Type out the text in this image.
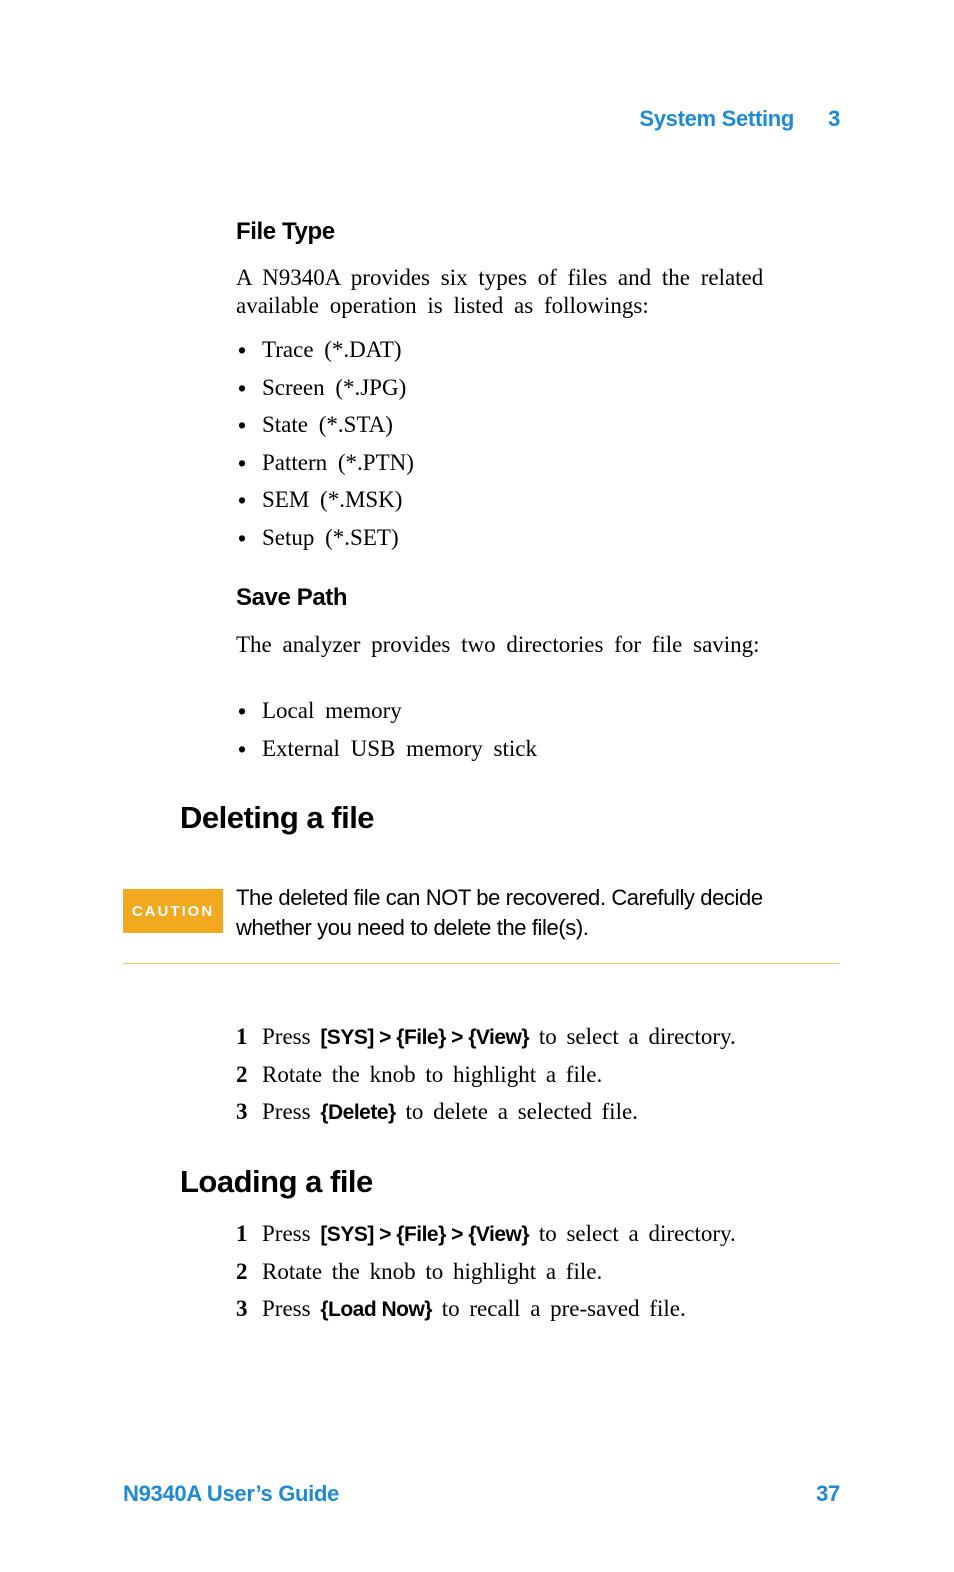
System Setting 3
File Type

A N9340A provides six types of files and the related available operation is listed as followings:

• Trace (*.DAT)
• Screen (*.JPG)
• State (*.STA)
• Pattern (*.PTN)
• SEM (*.MSK)
• Setup (*.SET)
Save Path

The analyzer provides two directories for file saving:

• Local memory
• External USB memory stick
Deleting a file
CAUTION

The deleted file can NOT be recovered. Carefully decide whether you need to delete the file(s).

1 Press [SYS] > {File} > {View} to select a directory.
2 Rotate the knob to highlight a file.
3 Press {Delete} to delete a selected file.
Loading a file
1 Press [SYS] > {File} > {View} to select a directory.
2 Rotate the knob to highlight a file.
3 Press {Load Now} to recall a pre-saved file.
N9340A User’s Guide	37
